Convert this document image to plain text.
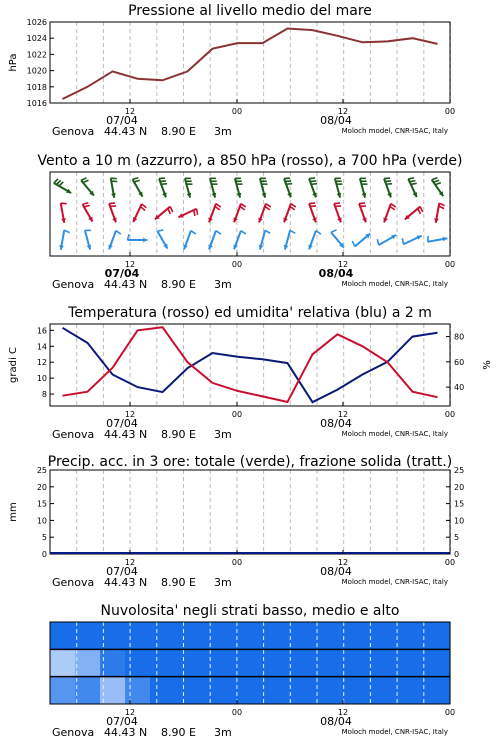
Pressione al livello medio del mare
1016
1018
1020
1022
1024
1026
hPa
12	00	12	00
07/04	08/04
Genova 44.43 N 8.90 E 3m	Moloch model, CNR-ISAC, Italy
Vento a 10 m (azzurro), a 850 hPa (rosso), a 700 hPa (verde)
12	00	12	00
07/04	08/04
Genova 44.43 N 8.90 E 3m	Moloch model, CNR-ISAC, Italy
Temperatura (rosso) ed umidita' relativa (blu) a 2 m
8
10
12
14
16
40
60
80
gradi C	%
12	00	12	00
07/04	08/04
Genova 44.43 N 8.90 E 3m	Moloch model, CNR-ISAC, Italy
Precip. acc. in 3 ore: totale (verde), frazione solida (tratt.)
0	0
5	5
10	10
15	15
20	20
25	25
mm
12	00	12	00
07/04	08/04
Genova 44.43 N 8.90 E 3m	Moloch model, CNR-ISAC, Italy
Nuvolosita' negli strati basso, medio e alto
12	00	12	00
07/04	08/04
Genova 44.43 N 8.90 E 3m	Moloch model, CNR-ISAC, Italy
